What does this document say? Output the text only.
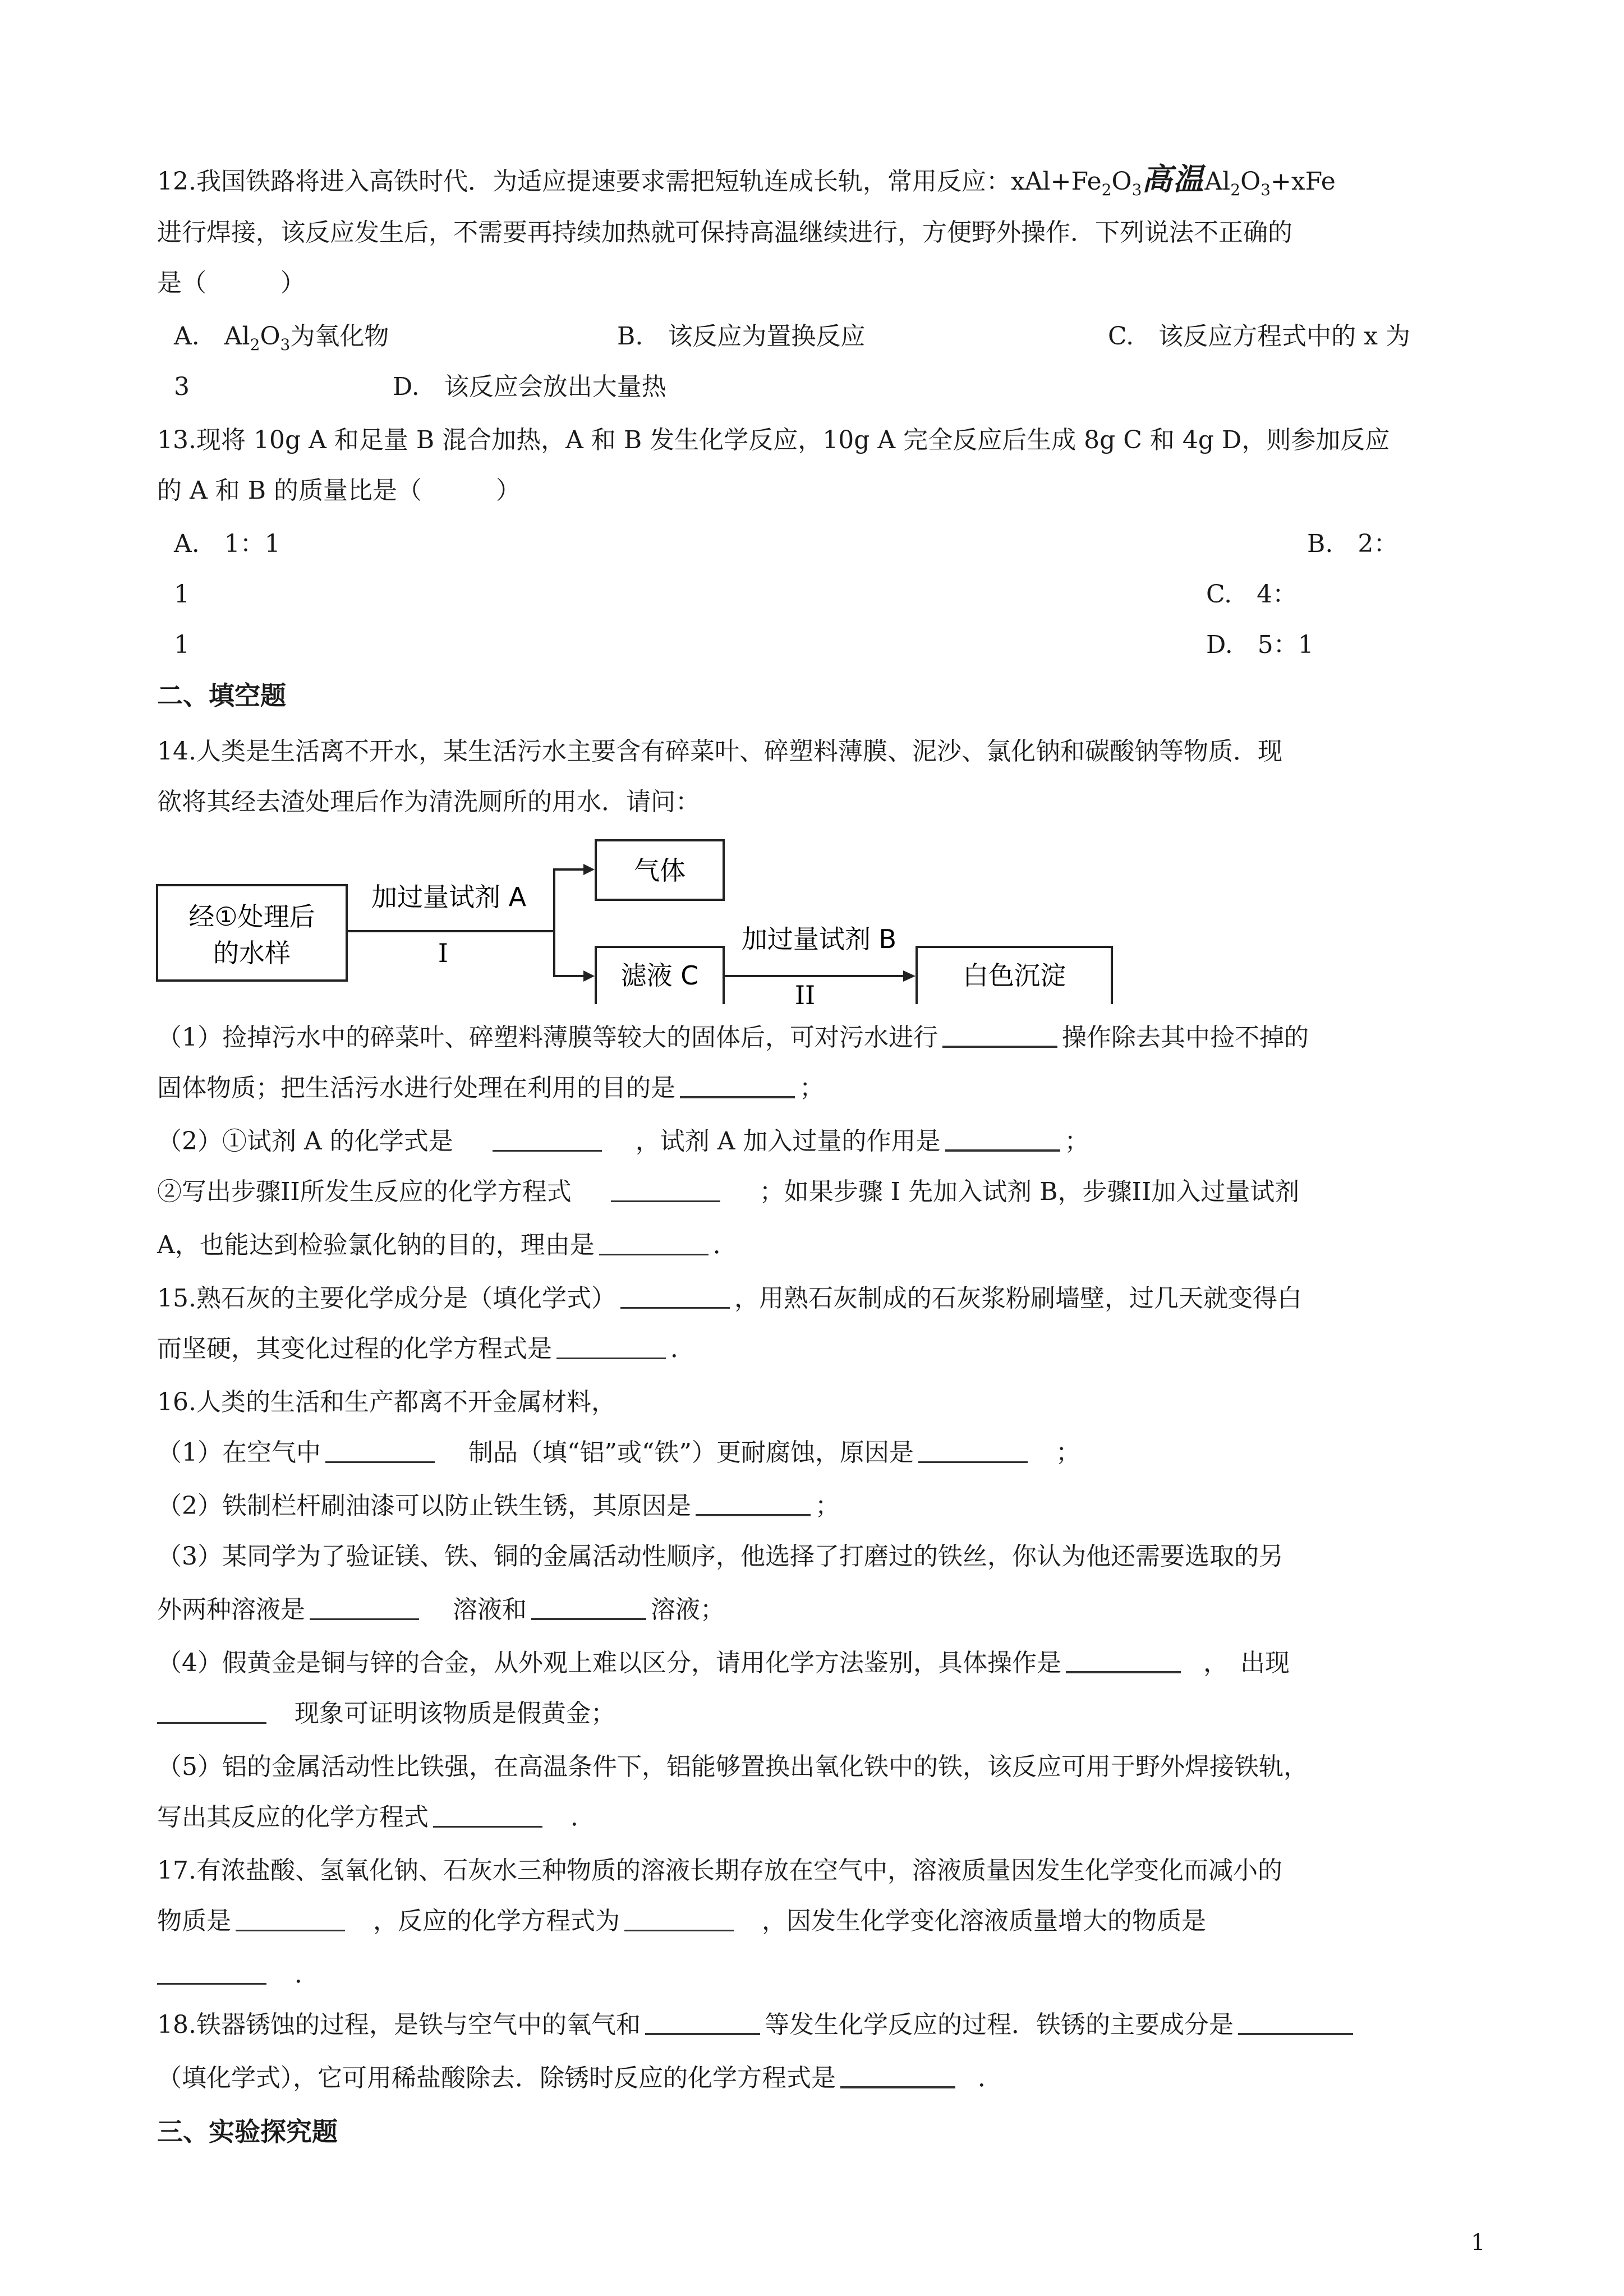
12.我国铁路将进入高铁时代．为适应提速要求需把短轨连成长轨，常用反应：$xAl+Fe_2O_3$高温$Al_2O_3+xFe$
进行焊接，该反应发生后，不需要再持续加热就可保持高温继续进行，方便野外操作．下列说法不正确的
是（　　　）
A.　$Al_2O_3$为氧化物	B.　该反应为置换反应	C.　该反应方程式中的 x 为
3	D.　该反应会放出大量热
13.现将 10g A 和足量 B 混合加热，A 和 B 发生化学反应，10g A 完全反应后生成 8g C 和 4g D，则参加反应
的 A 和 B 的质量比是（　　　）
A.　1：1	B.　2：
1	C.　4：
1	D.　5：1
二、填空题
14.人类是生活离不开水，某生活污水主要含有碎菜叶、碎塑料薄膜、泥沙、氯化钠和碳酸钠等物质．现
欲将其经去渣处理后作为清洗厕所的用水．请问：
经①处理后
的水样
加过量试剂 A
I
气体
滤液 C
加过量试剂 B
II
白色沉淀
（1）捡掉污水中的碎菜叶、碎塑料薄膜等较大的固体后，可对污水进行	操作除去其中捡不掉的
固体物质；把生活污水进行处理在利用的目的是	；
（2）①试剂 A 的化学式是	，试剂 A 加入过量的作用是	；
②写出步骤II所发生反应的化学方程式	；如果步骤 I 先加入试剂 B，步骤II加入过量试剂
A，也能达到检验氯化钠的目的，理由是	．
15.熟石灰的主要化学成分是（填化学式）	，用熟石灰制成的石灰浆粉刷墙壁，过几天就变得白
而坚硬，其变化过程的化学方程式是	．
16.人类的生活和生产都离不开金属材料，
（1）在空气中	制品（填“铝”或“铁”）更耐腐蚀，原因是	；
（2）铁制栏杆刷油漆可以防止铁生锈，其原因是	；
（3）某同学为了验证镁、铁、铜的金属活动性顺序，他选择了打磨过的铁丝，你认为他还需要选取的另
外两种溶液是	溶液和	溶液；
（4）假黄金是铜与锌的合金，从外观上难以区分，请用化学方法鉴别，具体操作是	，　出现
现象可证明该物质是假黄金；
（5）铝的金属活动性比铁强，在高温条件下，铝能够置换出氧化铁中的铁，该反应可用于野外焊接铁轨，
写出其反应的化学方程式	．
17.有浓盐酸、氢氧化钠、石灰水三种物质的溶液长期存放在空气中，溶液质量因发生化学变化而减小的
物质是	，反应的化学方程式为	，因发生化学变化溶液质量增大的物质是
．
18.铁器锈蚀的过程，是铁与空气中的氧气和	等发生化学反应的过程．铁锈的主要成分是
（填化学式），它可用稀盐酸除去．除锈时反应的化学方程式是	．
三、实验探究题
1
